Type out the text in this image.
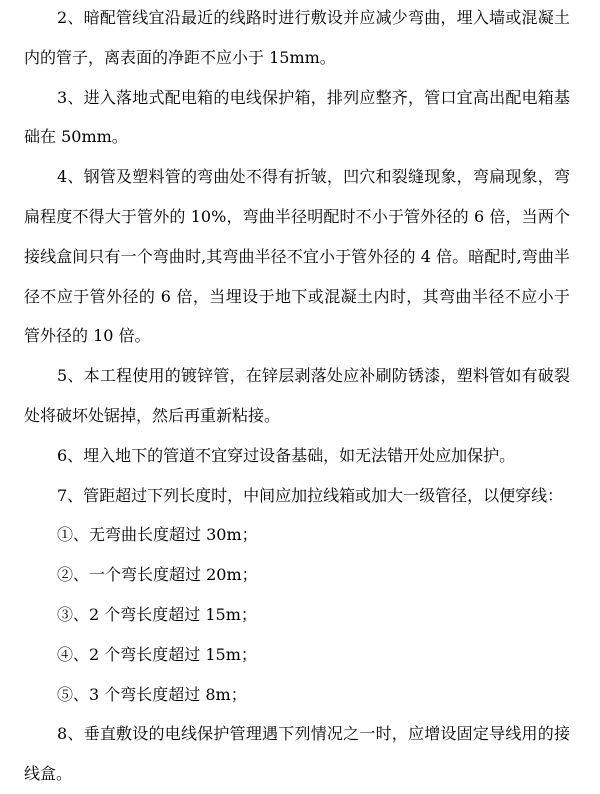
2、暗配管线宜沿最近的线路时进行敷设并应减少弯曲，埋入墙或混凝土内的管子，离表面的净距不应小于 15mm。

3、进入落地式配电箱的电线保护箱，排列应整齐，管口宜高出配电箱基础在 50mm。

4、钢管及塑料管的弯曲处不得有折皱，凹穴和裂缝现象，弯扁现象，弯扁程度不得大于管外的 10%，弯曲半径明配时不小于管外径的 6 倍，当两个接线盒间只有一个弯曲时,其弯曲半径不宜小于管外径的 4 倍。暗配时,弯曲半径不应于管外径的 6 倍，当埋设于地下或混凝土内时，其弯曲半径不应小于管外径的 10 倍。

5、本工程使用的镀锌管，在锌层剥落处应补刷防锈漆，塑料管如有破裂处将破坏处锯掉，然后再重新粘接。

6、埋入地下的管道不宜穿过设备基础，如无法错开处应加保护。

7、管距超过下列长度时，中间应加拉线箱或加大一级管径，以便穿线：

①、无弯曲长度超过 30m；

②、一个弯长度超过 20m；

③、2 个弯长度超过 15m；

④、2 个弯长度超过 15m；

⑤、3 个弯长度超过 8m；

8、垂直敷设的电线保护管理遇下列情况之一时，应增设固定导线用的接线盒。
